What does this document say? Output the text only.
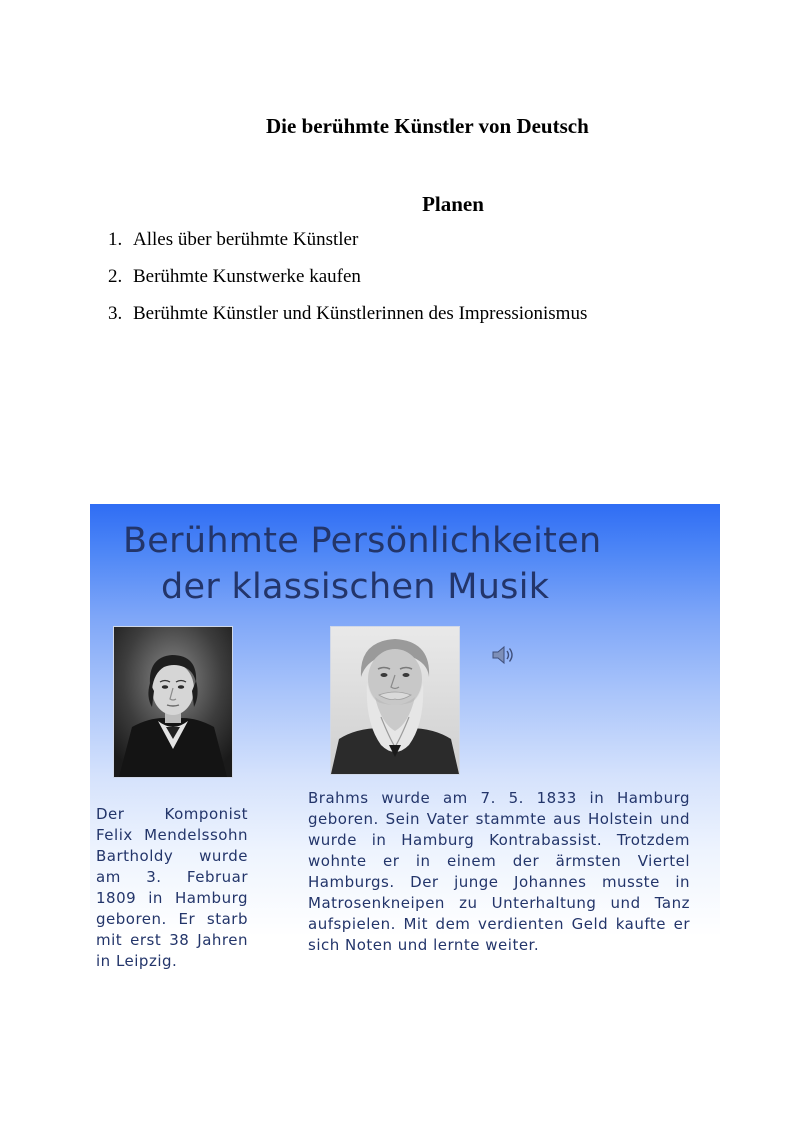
Die berühmte Künstler von Deutsch
Planen
1. Alles über berühmte Künstler
2. Berühmte Kunstwerke kaufen
3. Berühmte Künstler und Künstlerinnen des Impressionismus
Berühmte Persönlichkeiten
der klassischen Musik
Der Komponist Felix Mendelssohn Bartholdy wurde am 3. Februar 1809 in Hamburg geboren. Er starb mit erst 38 Jahren in Leipzig.
Brahms wurde am 7. 5. 1833 in Hamburg geboren. Sein Vater stammte aus Holstein und wurde in Hamburg Kontrabassist. Trotzdem wohnte er in einem der ärmsten Viertel Hamburgs. Der junge Johannes musste in Matrosenkneipen zu Unterhaltung und Tanz aufspielen. Mit dem verdienten Geld kaufte er sich Noten und lernte weiter.
